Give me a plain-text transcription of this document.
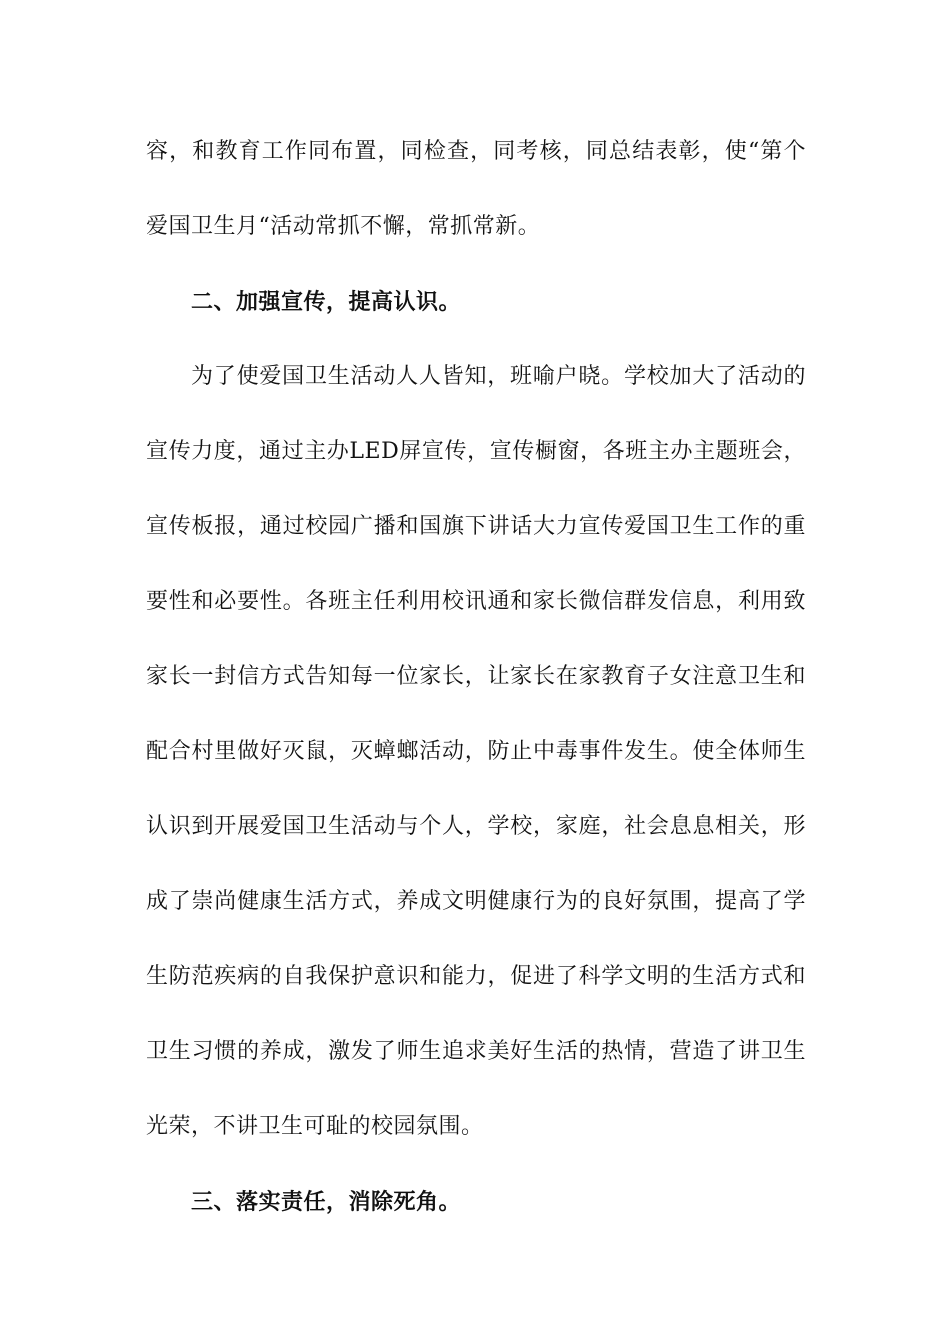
容，和教育工作同布置，同检查，同考核，同总结表彰，使“第个
爱国卫生月“活动常抓不懈，常抓常新。
二、加强宣传，提高认识。
为了使爱国卫生活动人人皆知，班喻户晓。学校加大了活动的
宣传力度，通过主办LED屏宣传，宣传橱窗，各班主办主题班会，
宣传板报，通过校园广播和国旗下讲话大力宣传爱国卫生工作的重
要性和必要性。各班主任利用校讯通和家长微信群发信息，利用致
家长一封信方式告知每一位家长，让家长在家教育子女注意卫生和
配合村里做好灭鼠，灭蟑螂活动，防止中毒事件发生。使全体师生
认识到开展爱国卫生活动与个人，学校，家庭，社会息息相关，形
成了崇尚健康生活方式，养成文明健康行为的良好氛围，提高了学
生防范疾病的自我保护意识和能力，促进了科学文明的生活方式和
卫生习惯的养成，激发了师生追求美好生活的热情，营造了讲卫生
光荣，不讲卫生可耻的校园氛围。
三、落实责任，消除死角。
